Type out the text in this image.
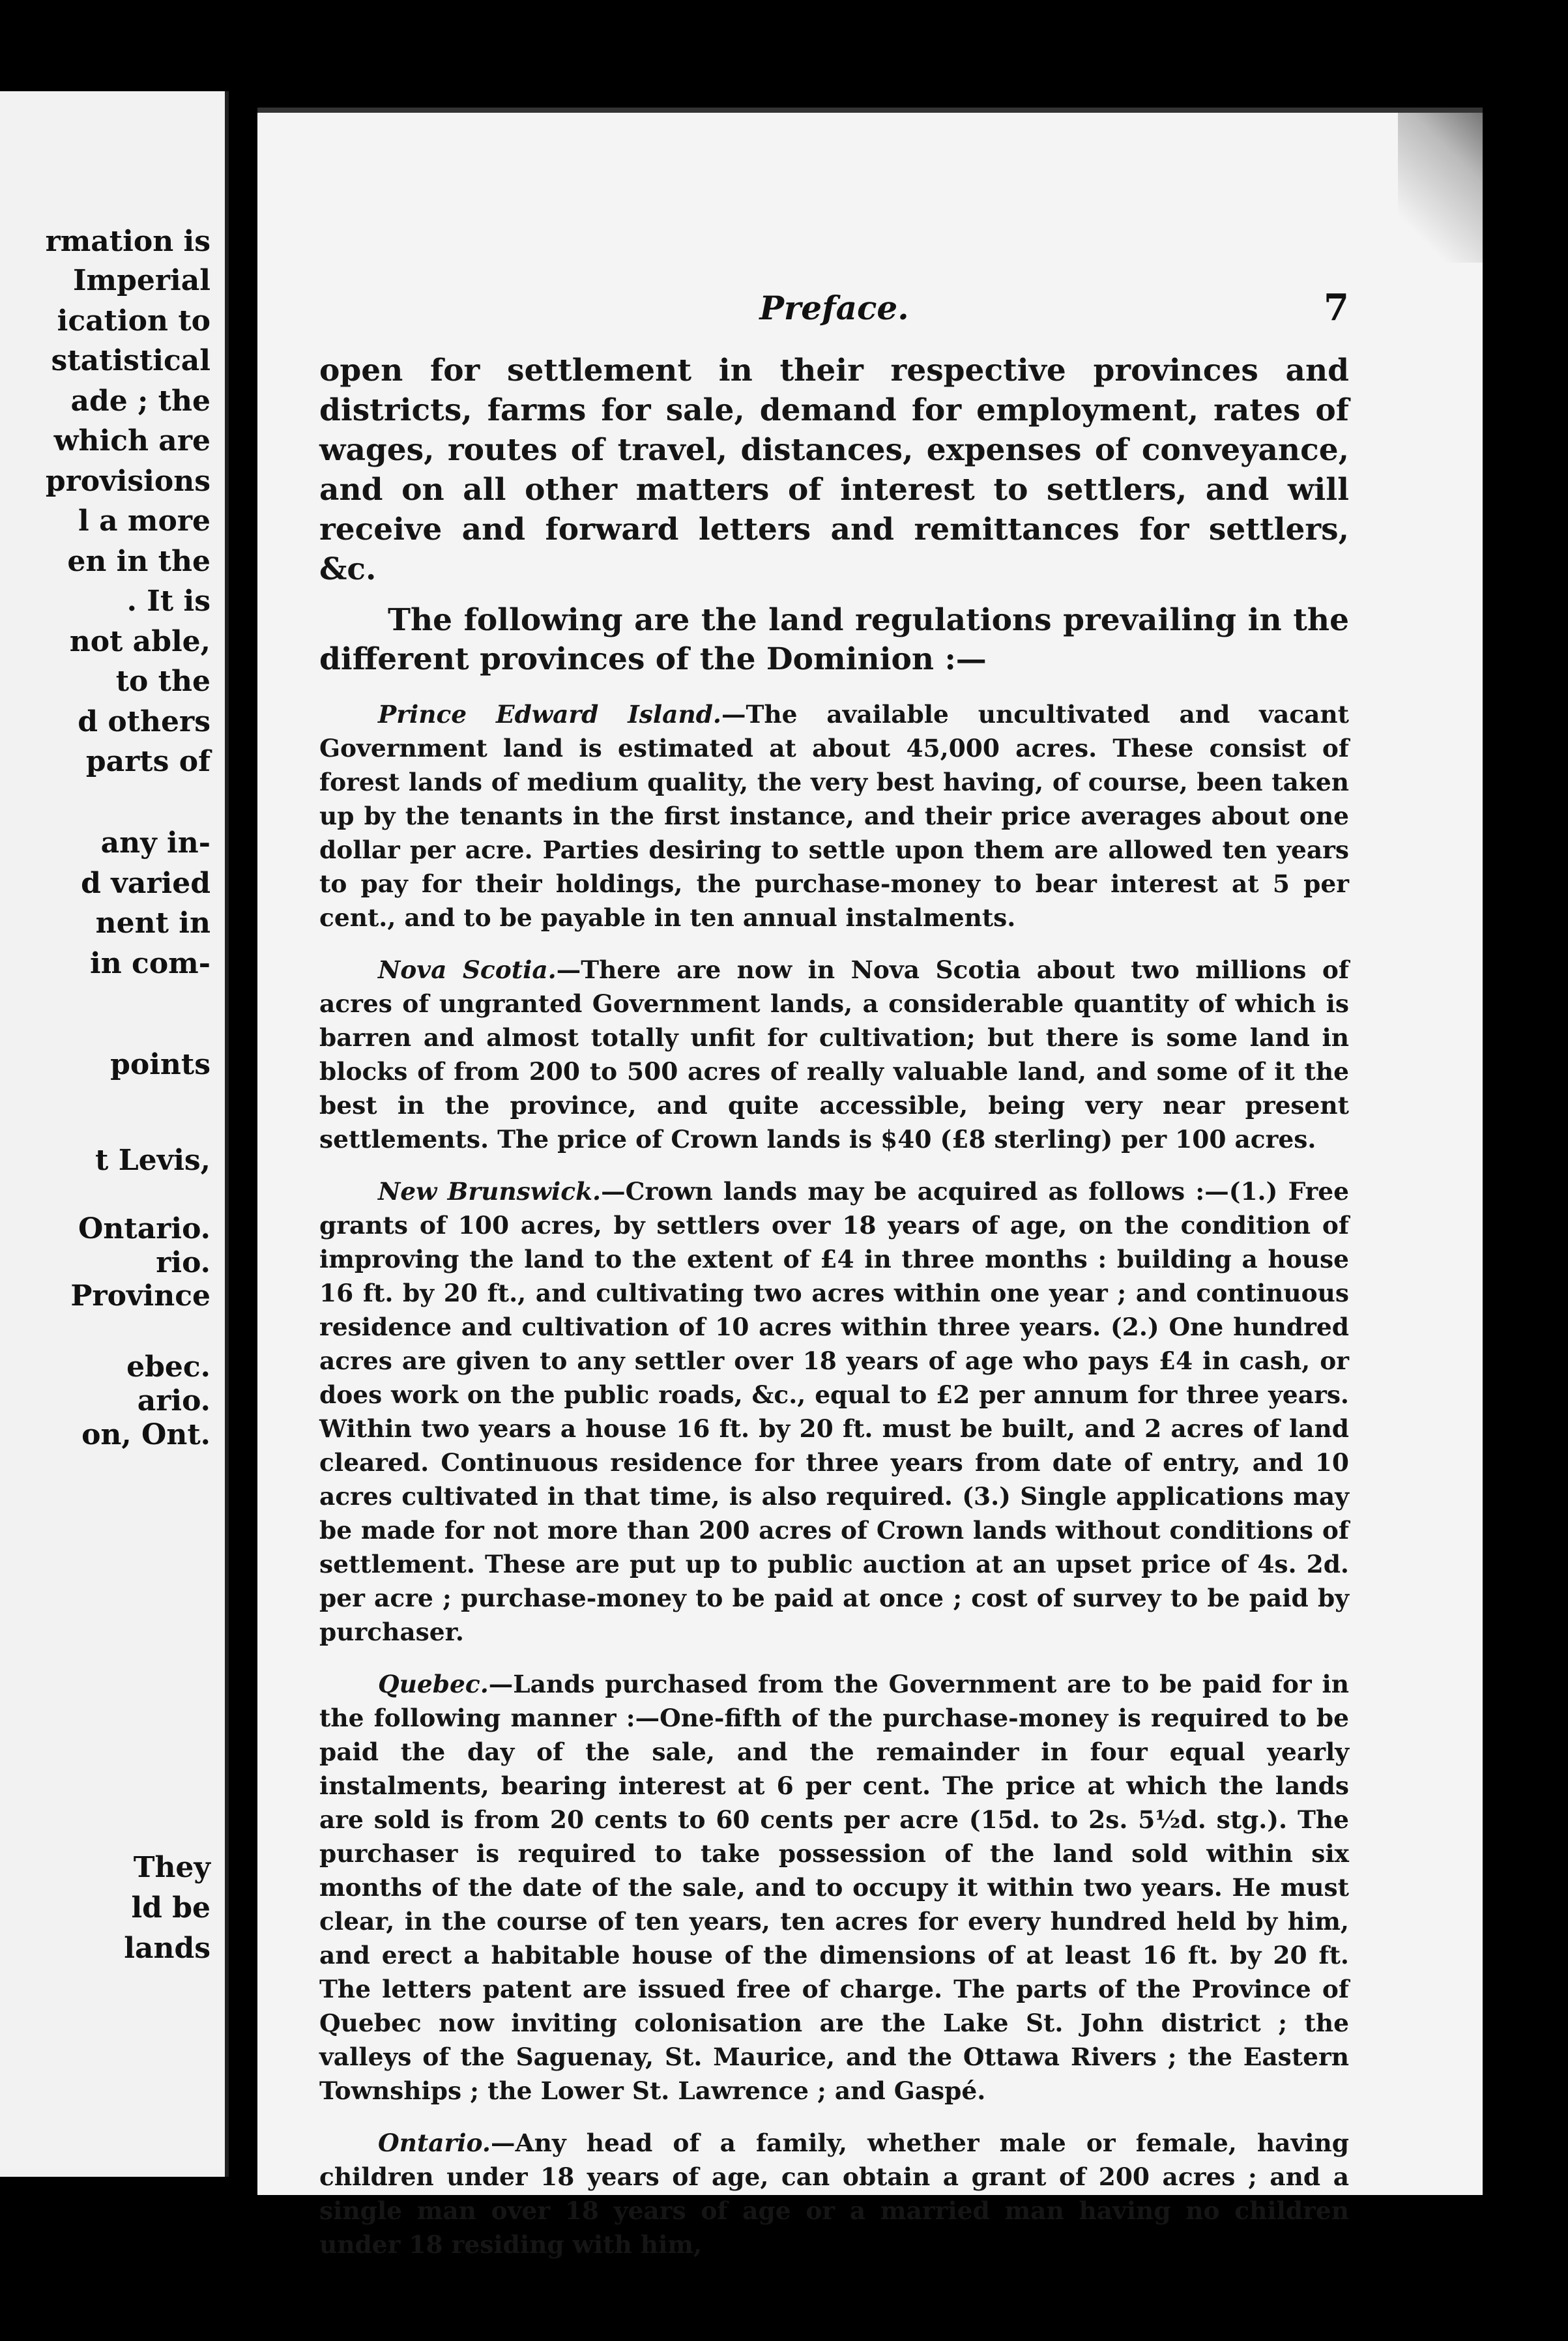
rmation is
Imperial
ication to
statistical
ade ; the
which are
provisions
l a more
en in the
. It is
not able,
to the
d others
parts of
any in-
d varied
nent in
in com-
points
t Levis,
Ontario.
rio.
Province
ebec.
ario.
on, Ont.
They
ld be
lands
Preface.	7

open for settlement in their respective provinces and districts, farms for sale, demand for employment, rates of wages, routes of travel, distances, expenses of conveyance, and on all other matters of interest to settlers, and will receive and forward letters and remittances for settlers, &c.

The following are the land regulations prevailing in the different provinces of the Dominion :—

Prince Edward Island.—The available uncultivated and vacant Government land is estimated at about 45,000 acres. These consist of forest lands of medium quality, the very best having, of course, been taken up by the tenants in the first instance, and their price averages about one dollar per acre. Parties desiring to settle upon them are allowed ten years to pay for their holdings, the purchase-money to bear interest at 5 per cent., and to be payable in ten annual instalments.

Nova Scotia.—There are now in Nova Scotia about two millions of acres of ungranted Government lands, a considerable quantity of which is barren and almost totally unfit for cultivation; but there is some land in blocks of from 200 to 500 acres of really valuable land, and some of it the best in the province, and quite accessible, being very near present settlements. The price of Crown lands is $40 (£8 sterling) per 100 acres.

New Brunswick.—Crown lands may be acquired as follows :—(1.) Free grants of 100 acres, by settlers over 18 years of age, on the condition of improving the land to the extent of £4 in three months : building a house 16 ft. by 20 ft., and cultivating two acres within one year ; and continuous residence and cultivation of 10 acres within three years. (2.) One hundred acres are given to any settler over 18 years of age who pays £4 in cash, or does work on the public roads, &c., equal to £2 per annum for three years. Within two years a house 16 ft. by 20 ft. must be built, and 2 acres of land cleared. Continuous residence for three years from date of entry, and 10 acres cultivated in that time, is also required. (3.) Single applications may be made for not more than 200 acres of Crown lands without conditions of settlement. These are put up to public auction at an upset price of 4s. 2d. per acre ; purchase-money to be paid at once ; cost of survey to be paid by purchaser.

Quebec.—Lands purchased from the Government are to be paid for in the following manner :—One-fifth of the purchase-money is required to be paid the day of the sale, and the remainder in four equal yearly instalments, bearing interest at 6 per cent. The price at which the lands are sold is from 20 cents to 60 cents per acre (15d. to 2s. 5½d. stg.). The purchaser is required to take possession of the land sold within six months of the date of the sale, and to occupy it within two years. He must clear, in the course of ten years, ten acres for every hundred held by him, and erect a habitable house of the dimensions of at least 16 ft. by 20 ft. The letters patent are issued free of charge. The parts of the Province of Quebec now inviting colonisation are the Lake St. John district ; the valleys of the Saguenay, St. Maurice, and the Ottawa Rivers ; the Eastern Townships ; the Lower St. Lawrence ; and Gaspé.

Ontario.—Any head of a family, whether male or female, having children under 18 years of age, can obtain a grant of 200 acres ; and a single man over 18 years of age or a married man having no children under 18 residing with him,
